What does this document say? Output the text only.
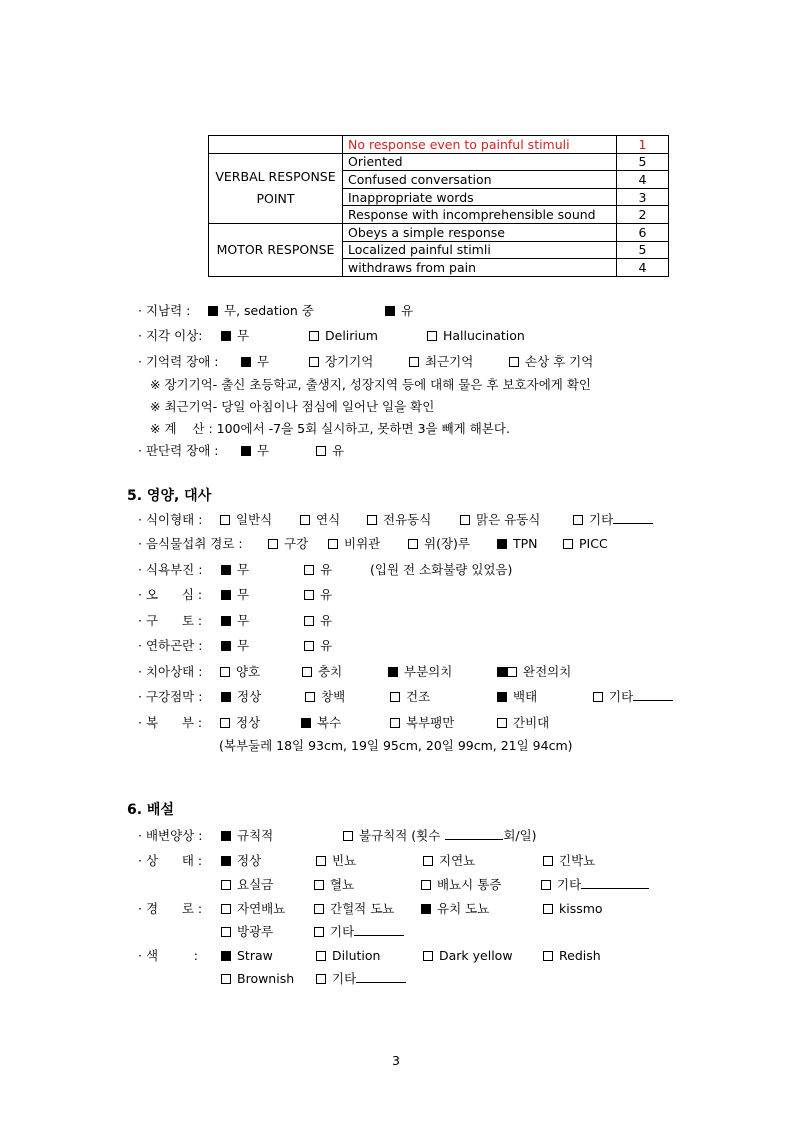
	No response even to painful stimuli	1
VERBAL RESPONSE
POINT	Oriented	5
	Confused conversation	4
	Inappropriate words	3
	Response with incomprehensible sound	2
MOTOR RESPONSE	Obeys a simple response	6
	Localized painful stimli	5
	withdraws from pain	4
· 지남력 :	무, sedation 중	유
· 지각 이상:	무	Delirium	Hallucination
· 기억력 장애 :	무	장기기억	최근기억	손상 후 기억
※ 장기기억- 출신 초등학교, 출생지, 성장지역 등에 대해 물은 후 보호자에게 확인
※ 최근기억- 당일 아침이나 점심에 일어난 일을 확인
※ 계    산 : 100에서 -7을 5회 실시하고, 못하면 3을 빼게 해본다.
· 판단력 장애 :	무	유
5. 영양, 대사
· 식이형태 :	일반식	연식	전유동식	맑은 유동식	기타
· 음식물섭취 경로 :	구강	비위관	위(장)루	TPN	PICC
· 식욕부진 :	무	유	(입원 전 소화불량 있었음)
· 오      심 :	무	유
· 구      토 :	무	유
· 연하곤란 :	무	유
· 치아상태 :	양호	충치	부분의치	완전의치
· 구강점막 :	정상	창백	건조	백태	기타
· 복      부 :	정상	복수	복부팽만	간비대
(복부둘레 18일 93cm, 19일 95cm, 20일 99cm, 21일 94cm)
6. 배설
· 배변양상 :	규칙적	불규칙적 (횟수	회/일)
· 상      태 :	정상	빈뇨	지연뇨	긴박뇨
요실금	혈뇨	배뇨시 통증	기타
· 경      로 :	자연배뇨	간헐적 도뇨	유치 도뇨	kissmo
방광루	기타
· 색         :	Straw	Dilution	Dark yellow	Redish
Brownish	기타
3
